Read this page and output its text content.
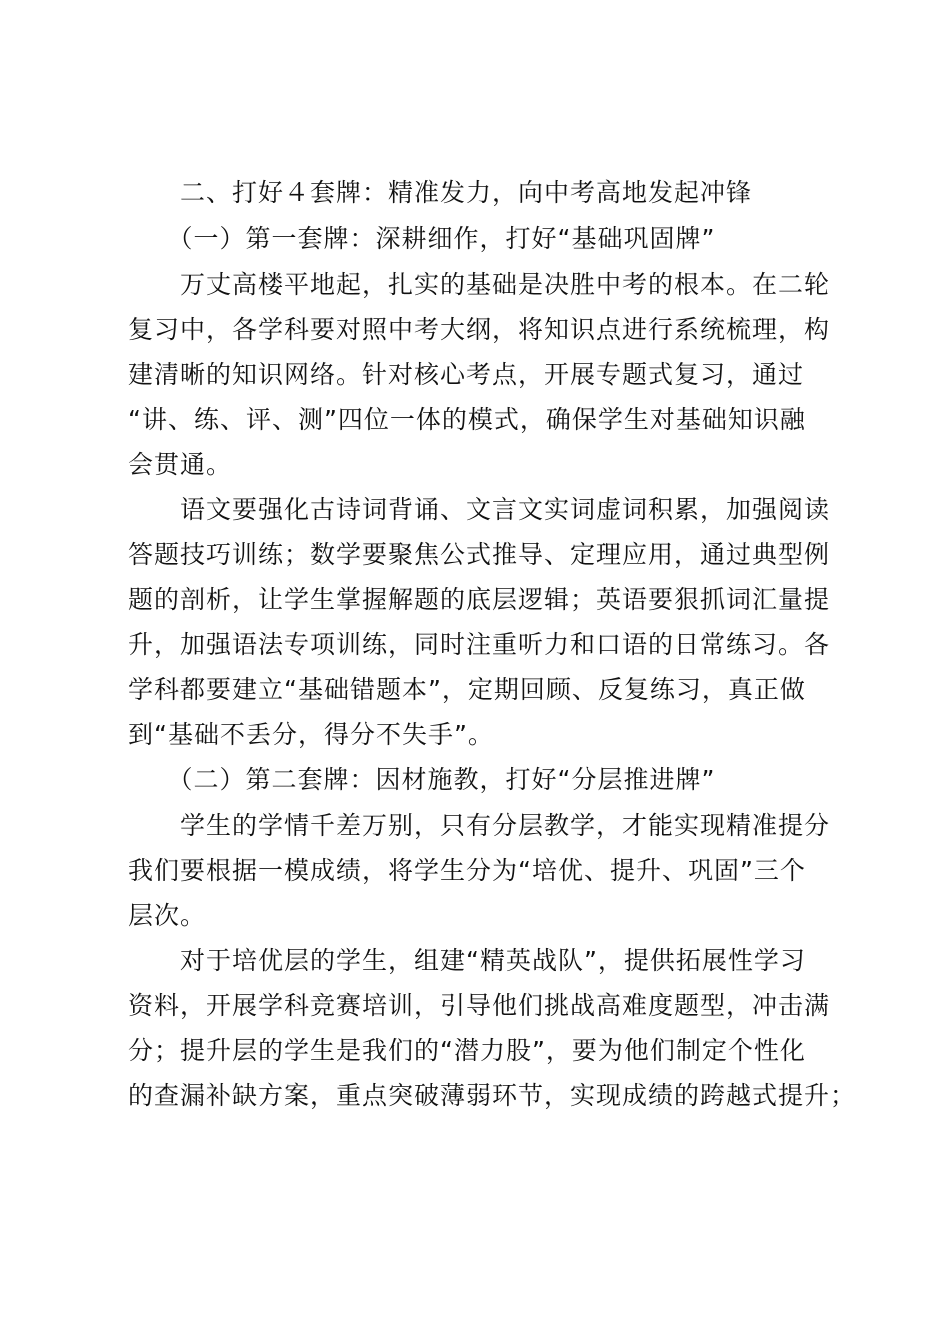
　　二、打好４套牌：精准发力，向中考高地发起冲锋
　　（一）第一套牌：深耕细作，打好“基础巩固牌”
　　万丈高楼平地起，扎实的基础是决胜中考的根本。在二轮
复习中，各学科要对照中考大纲，将知识点进行系统梳理，构
建清晰的知识网络。针对核心考点，开展专题式复习，通过
“讲、练、评、测”四位一体的模式，确保学生对基础知识融
会贯通。
　　语文要强化古诗词背诵、文言文实词虚词积累，加强阅读
答题技巧训练；数学要聚焦公式推导、定理应用，通过典型例
题的剖析，让学生掌握解题的底层逻辑；英语要狠抓词汇量提
升，加强语法专项训练，同时注重听力和口语的日常练习。各
学科都要建立“基础错题本”，定期回顾、反复练习，真正做
到“基础不丢分，得分不失手”。
　　（二）第二套牌：因材施教，打好“分层推进牌”
　　学生的学情千差万别，只有分层教学，才能实现精准提分
我们要根据一模成绩，将学生分为“培优、提升、巩固”三个
层次。
　　对于培优层的学生，组建“精英战队”，提供拓展性学习
资料，开展学科竞赛培训，引导他们挑战高难度题型，冲击满
分；提升层的学生是我们的“潜力股”，要为他们制定个性化
的查漏补缺方案，重点突破薄弱环节，实现成绩的跨越式提升；
